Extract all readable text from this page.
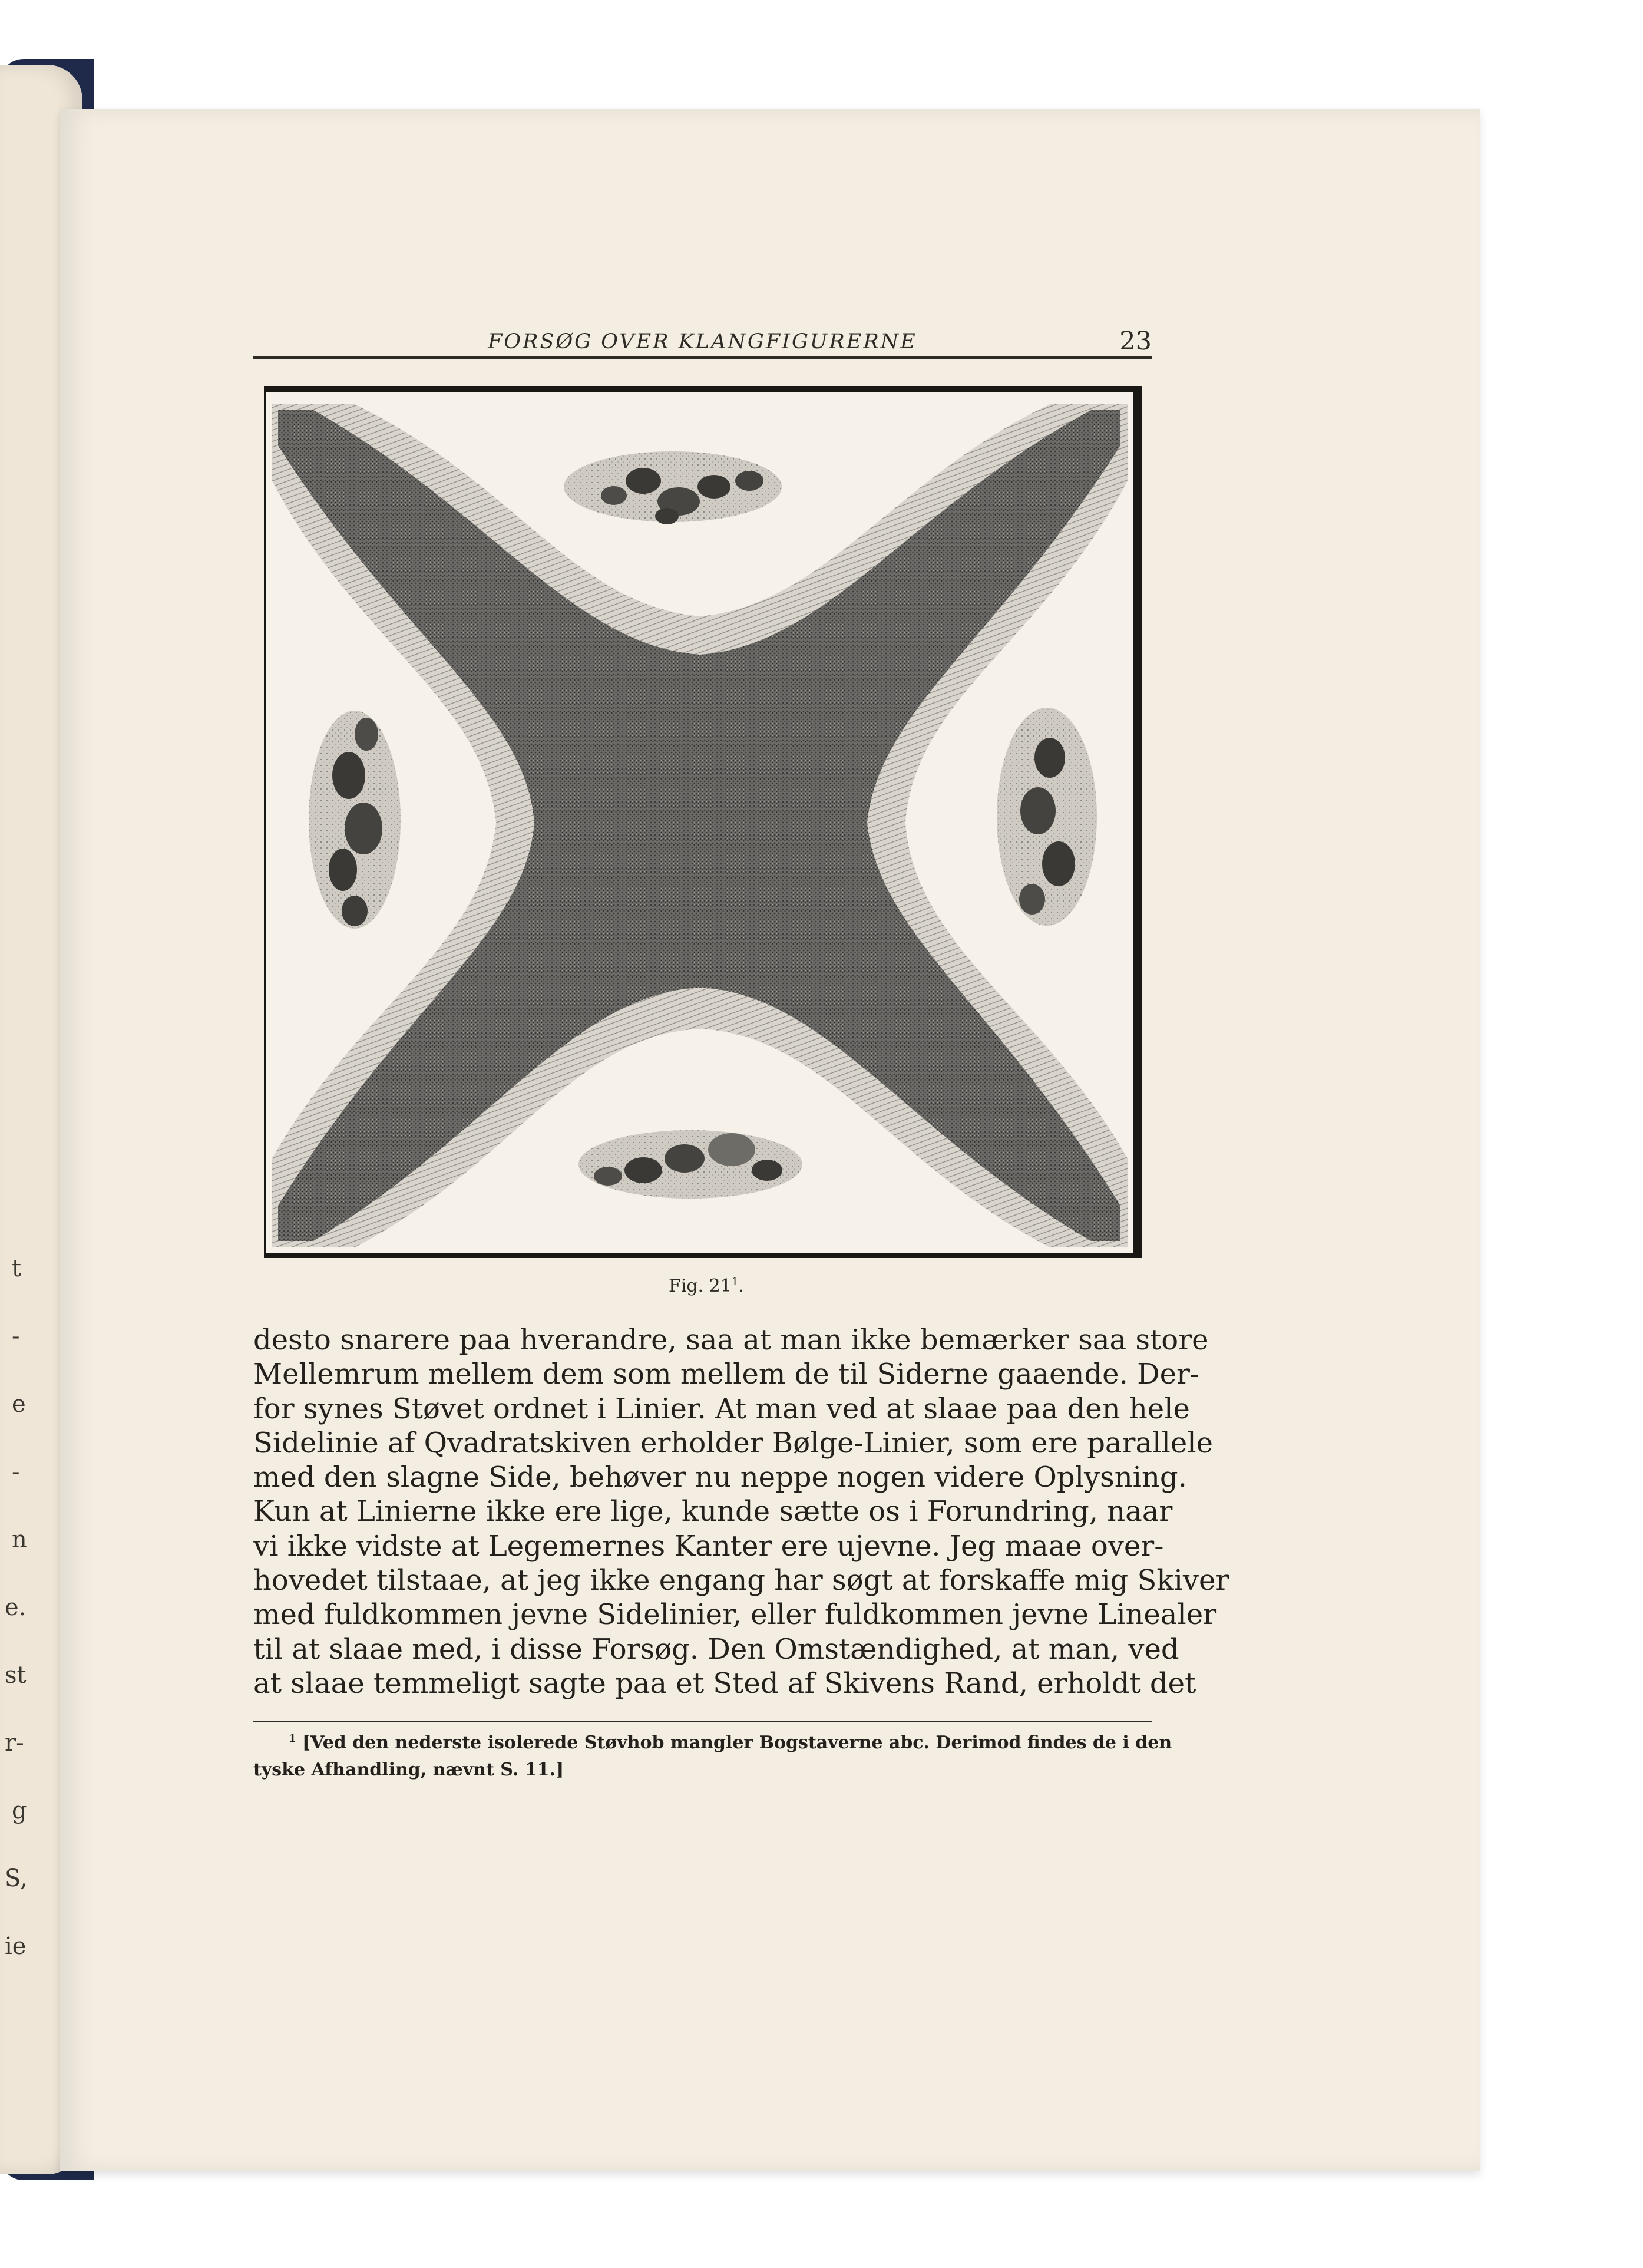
t
-
e
-
n
e.
st
r-
g
S,
ie
FORSØG OVER KLANGFIGURERNE	23
Fig. $21^1$.
desto snarere paa hverandre, saa at man ikke bemærker saa store
Mellemrum mellem dem som mellem de til Siderne gaaende. Der-
for synes Støvet ordnet i Linier. At man ved at slaae paa den hele
Sidelinie af Qvadratskiven erholder Bølge-Linier, som ere parallele
med den slagne Side, behøver nu neppe nogen videre Oplysning.
Kun at Linierne ikke ere lige, kunde sætte os i Forundring, naar
vi ikke vidste at Legemernes Kanter ere ujevne. Jeg maae over-
hovedet tilstaae, at jeg ikke engang har søgt at forskaffe mig Skiver
med fuldkommen jevne Sidelinier, eller fuldkommen jevne Linealer
til at slaae med, i disse Forsøg. Den Omstændighed, at man, ved
at slaae temmeligt sagte paa et Sted af Skivens Rand, erholdt det
$^1$ [Ved den nederste isolerede Støvhob mangler Bogstaverne abc. Derimod findes de i den
tyske Afhandling, nævnt S. 11.]
